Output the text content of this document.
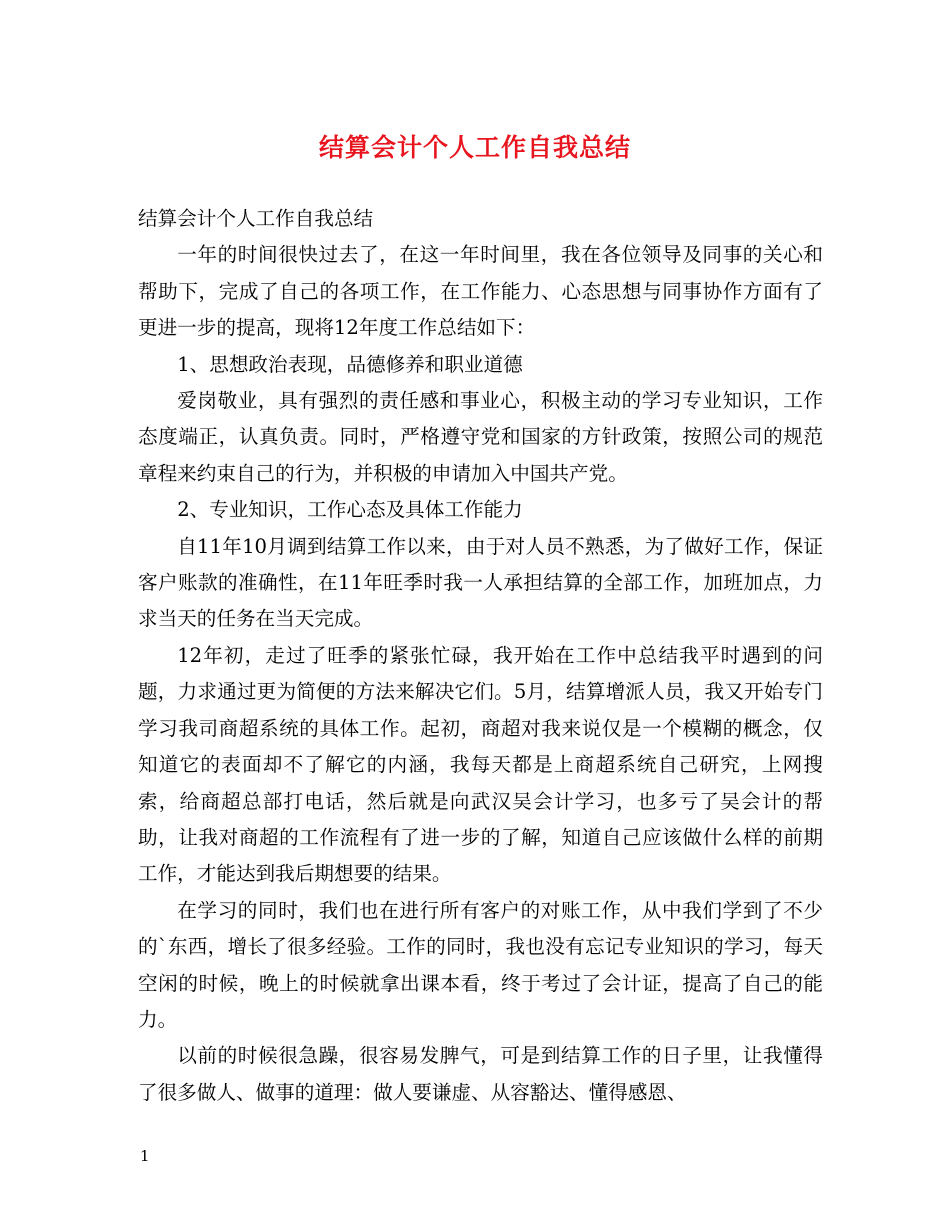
结算会计个人工作自我总结

结算会计个人工作自我总结

一年的时间很快过去了，在这一年时间里，我在各位领导及同事的关心和帮助下，完成了自己的各项工作，在工作能力、心态思想与同事协作方面有了更进一步的提高，现将12年度工作总结如下：

1、思想政治表现，品德修养和职业道德

爱岗敬业，具有强烈的责任感和事业心，积极主动的学习专业知识，工作态度端正，认真负责。同时，严格遵守党和国家的方针政策，按照公司的规范章程来约束自己的行为，并积极的申请加入中国共产党。

2、专业知识，工作心态及具体工作能力

自11年10月调到结算工作以来，由于对人员不熟悉，为了做好工作，保证客户账款的准确性，在11年旺季时我一人承担结算的全部工作，加班加点，力求当天的任务在当天完成。

12年初，走过了旺季的紧张忙碌，我开始在工作中总结我平时遇到的问题，力求通过更为简便的方法来解决它们。5月，结算增派人员，我又开始专门学习我司商超系统的具体工作。起初，商超对我来说仅是一个模糊的概念，仅知道它的表面却不了解它的内涵，我每天都是上商超系统自己研究，上网搜索，给商超总部打电话，然后就是向武汉吴会计学习，也多亏了吴会计的帮助，让我对商超的工作流程有了进一步的了解，知道自己应该做什么样的前期工作，才能达到我后期想要的结果。

在学习的同时，我们也在进行所有客户的对账工作，从中我们学到了不少的`东西，增长了很多经验。工作的同时，我也没有忘记专业知识的学习，每天空闲的时候，晚上的时候就拿出课本看，终于考过了会计证，提高了自己的能力。

以前的时候很急躁，很容易发脾气，可是到结算工作的日子里，让我懂得了很多做人、做事的道理：做人要谦虚、从容豁达、懂得感恩、

1
